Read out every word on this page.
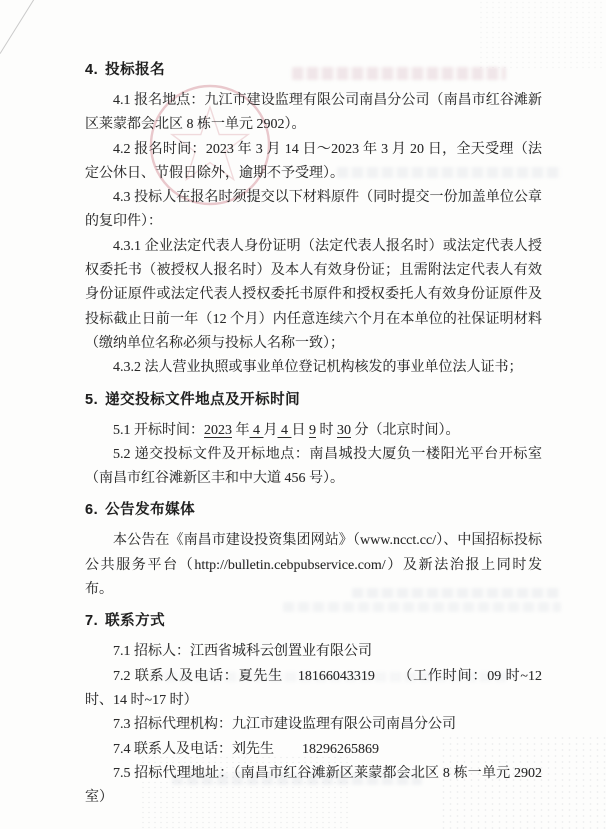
4. 投标报名

4.1 报名地点：九江市建设监理有限公司南昌分公司（南昌市红谷滩新区莱蒙都会北区 8 栋一单元 2902）。

4.2 报名时间：2023 年 3 月 14 日～2023 年 3 月 20 日，全天受理（法定公休日、节假日除外，逾期不予受理）。

4.3 投标人在报名时须提交以下材料原件（同时提交一份加盖单位公章的复印件）：

4.3.1 企业法定代表人身份证明（法定代表人报名时）或法定代表人授权委托书（被授权人报名时）及本人有效身份证；且需附法定代表人有效身份证原件或法定代表人授权委托书原件和授权委托人有效身份证原件及投标截止日前一年（12 个月）内任意连续六个月在本单位的社保证明材料（缴纳单位名称必须与投标人名称一致）；

4.3.2 法人营业执照或事业单位登记机构核发的事业单位法人证书；

5. 递交投标文件地点及开标时间

5.1 开标时间：2023 年 4 月 4 日 9 时 30 分（北京时间）。

5.2 递交投标文件及开标地点：南昌城投大厦负一楼阳光平台开标室（南昌市红谷滩新区丰和中大道 456 号）。

6. 公告发布媒体

本公告在《南昌市建设投资集团网站》（www.ncct.cc/）、中国招标投标公共服务平台（http://bulletin.cebpubservice.com/）及新法治报上同时发布。

7. 联系方式

7.1 招标人：江西省城科云创置业有限公司

7.2 联系人及电话：夏先生　18166043319　　（工作时间：09 时~12 时、14 时~17 时）

7.3 招标代理机构：九江市建设监理有限公司南昌分公司

7.4 联系人及电话：刘先生　　18296265869

7.5 招标代理地址：（南昌市红谷滩新区莱蒙都会北区 8 栋一单元 2902 室）
